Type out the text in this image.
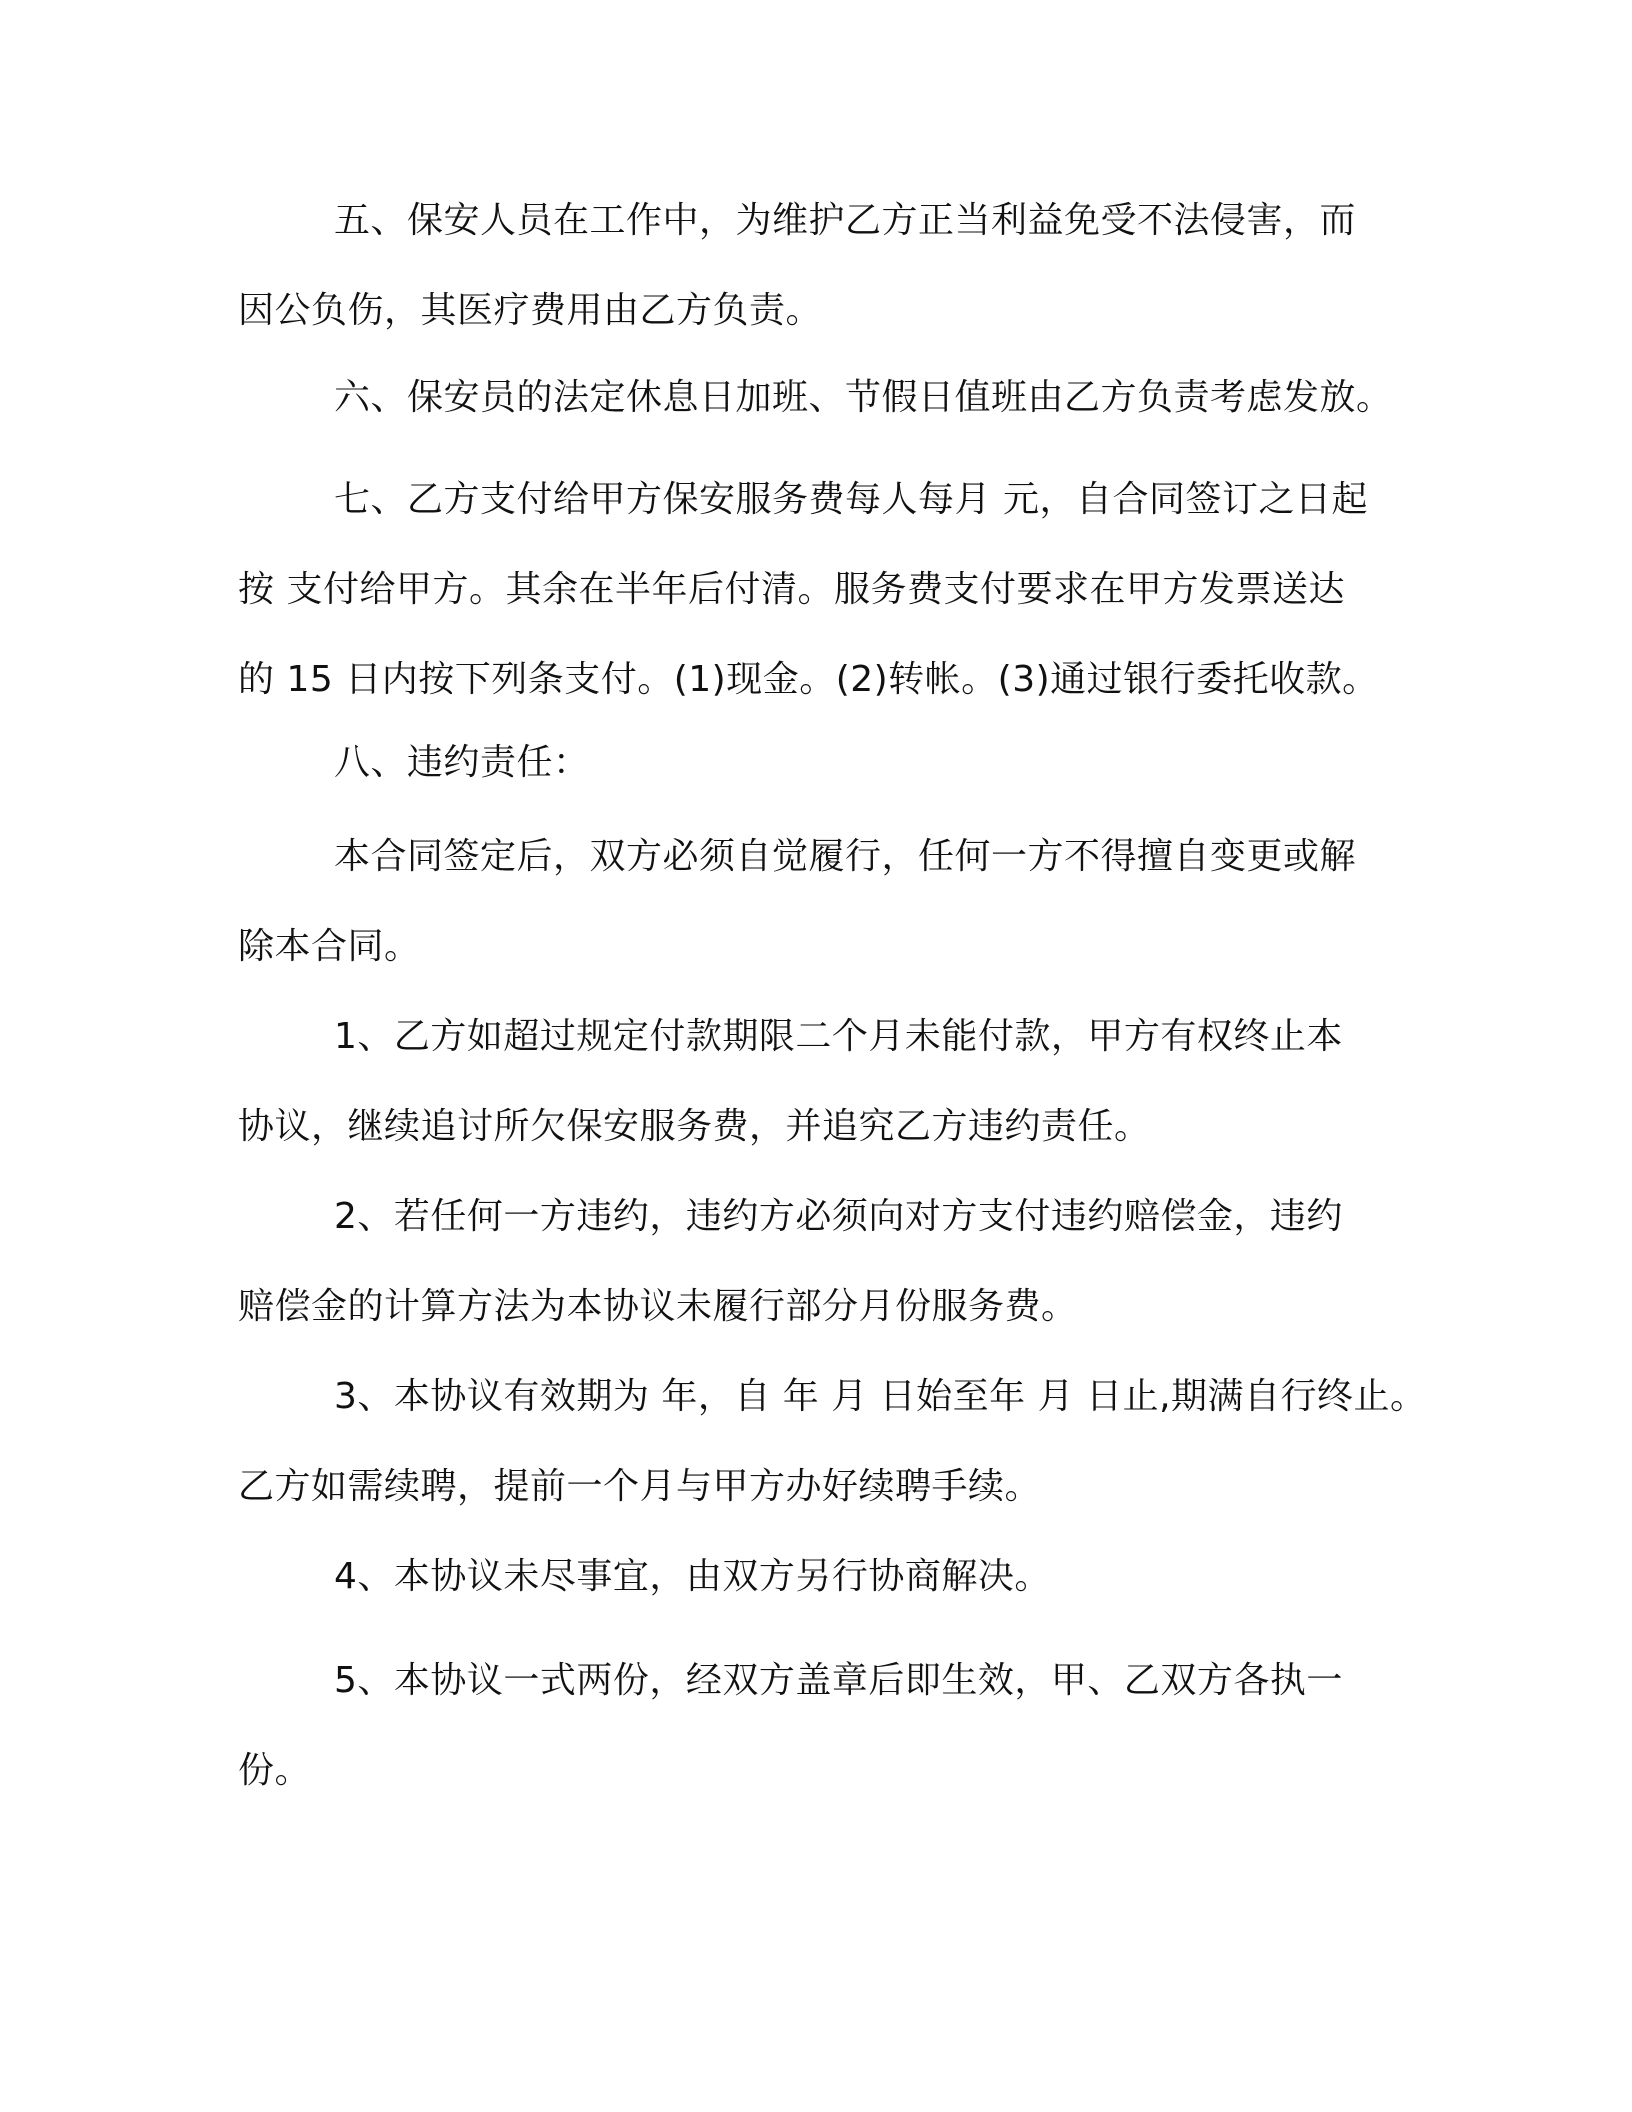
五、保安人员在工作中，为维护乙方正当利益免受不法侵害，而
因公负伤，其医疗费用由乙方负责。
六、保安员的法定休息日加班、节假日值班由乙方负责考虑发放。
七、乙方支付给甲方保安服务费每人每月 元，自合同签订之日起
按 支付给甲方。其余在半年后付清。服务费支付要求在甲方发票送达
的 15 日内按下列条支付。(1)现金。(2)转帐。(3)通过银行委托收款。
八、违约责任：
本合同签定后，双方必须自觉履行，任何一方不得擅自变更或解
除本合同。
1、乙方如超过规定付款期限二个月未能付款，甲方有权终止本
协议，继续追讨所欠保安服务费，并追究乙方违约责任。
2、若任何一方违约，违约方必须向对方支付违约赔偿金，违约
赔偿金的计算方法为本协议未履行部分月份服务费。
3、本协议有效期为 年，自 年 月 日始至年 月 日止,期满自行终止。
乙方如需续聘，提前一个月与甲方办好续聘手续。
4、本协议未尽事宜，由双方另行协商解决。
5、本协议一式两份，经双方盖章后即生效，甲、乙双方各执一
份。
